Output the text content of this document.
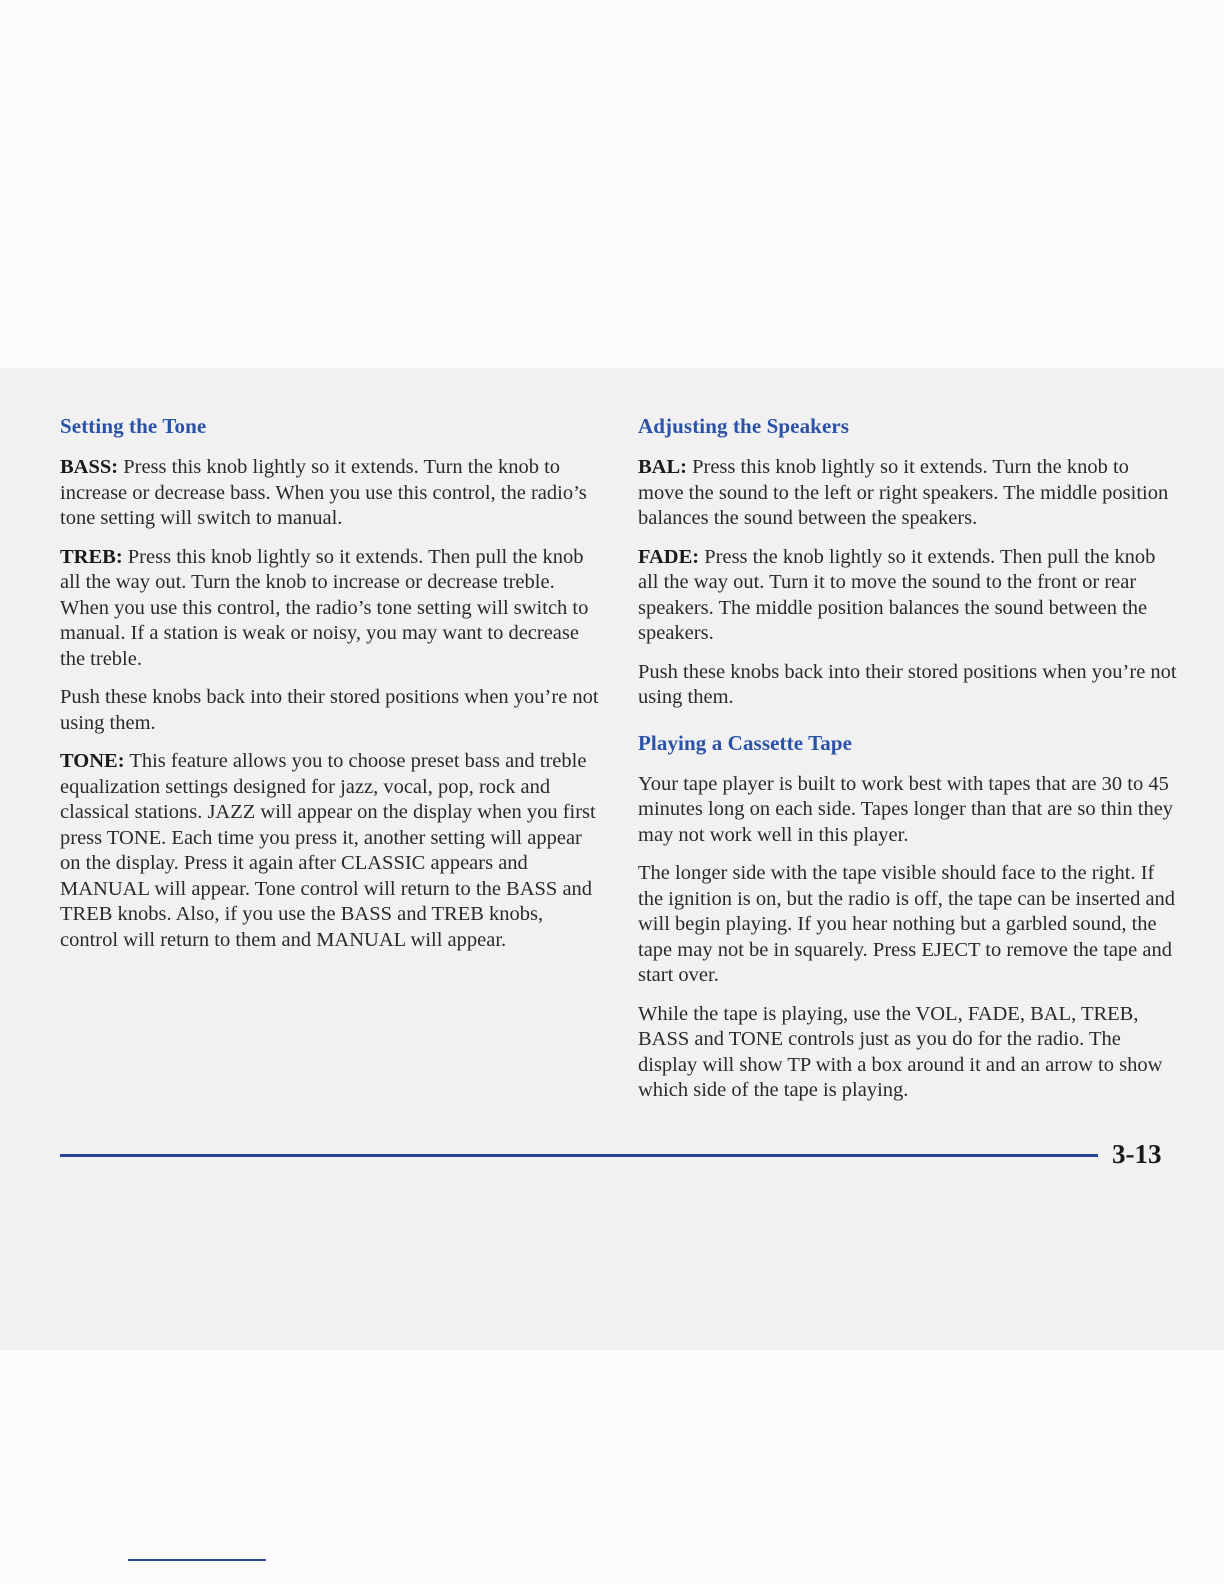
Setting the Tone

BASS: Press this knob lightly so it extends. Turn the knob to increase or decrease bass. When you use this control, the radio’s tone setting will switch to manual.

TREB: Press this knob lightly so it extends. Then pull the knob all the way out. Turn the knob to increase or decrease treble. When you use this control, the radio’s tone setting will switch to manual. If a station is weak or noisy, you may want to decrease the treble.

Push these knobs back into their stored positions when you’re not using them.

TONE: This feature allows you to choose preset bass and treble equalization settings designed for jazz, vocal, pop, rock and classical stations. JAZZ will appear on the display when you first press TONE. Each time you press it, another setting will appear on the display. Press it again after CLASSIC appears and MANUAL will appear. Tone control will return to the BASS and TREB knobs. Also, if you use the BASS and TREB knobs, control will return to them and MANUAL will appear.

Adjusting the Speakers

BAL: Press this knob lightly so it extends. Turn the knob to move the sound to the left or right speakers. The middle position balances the sound between the speakers.

FADE: Press the knob lightly so it extends. Then pull the knob all the way out. Turn it to move the sound to the front or rear speakers. The middle position balances the sound between the speakers.

Push these knobs back into their stored positions when you’re not using them.

Playing a Cassette Tape

Your tape player is built to work best with tapes that are 30 to 45 minutes long on each side. Tapes longer than that are so thin they may not work well in this player.

The longer side with the tape visible should face to the right. If the ignition is on, but the radio is off, the tape can be inserted and will begin playing. If you hear nothing but a garbled sound, the tape may not be in squarely. Press EJECT to remove the tape and start over.

While the tape is playing, use the VOL, FADE, BAL, TREB, BASS and TONE controls just as you do for the radio. The display will show TP with a box around it and an arrow to show which side of the tape is playing.

3-13
